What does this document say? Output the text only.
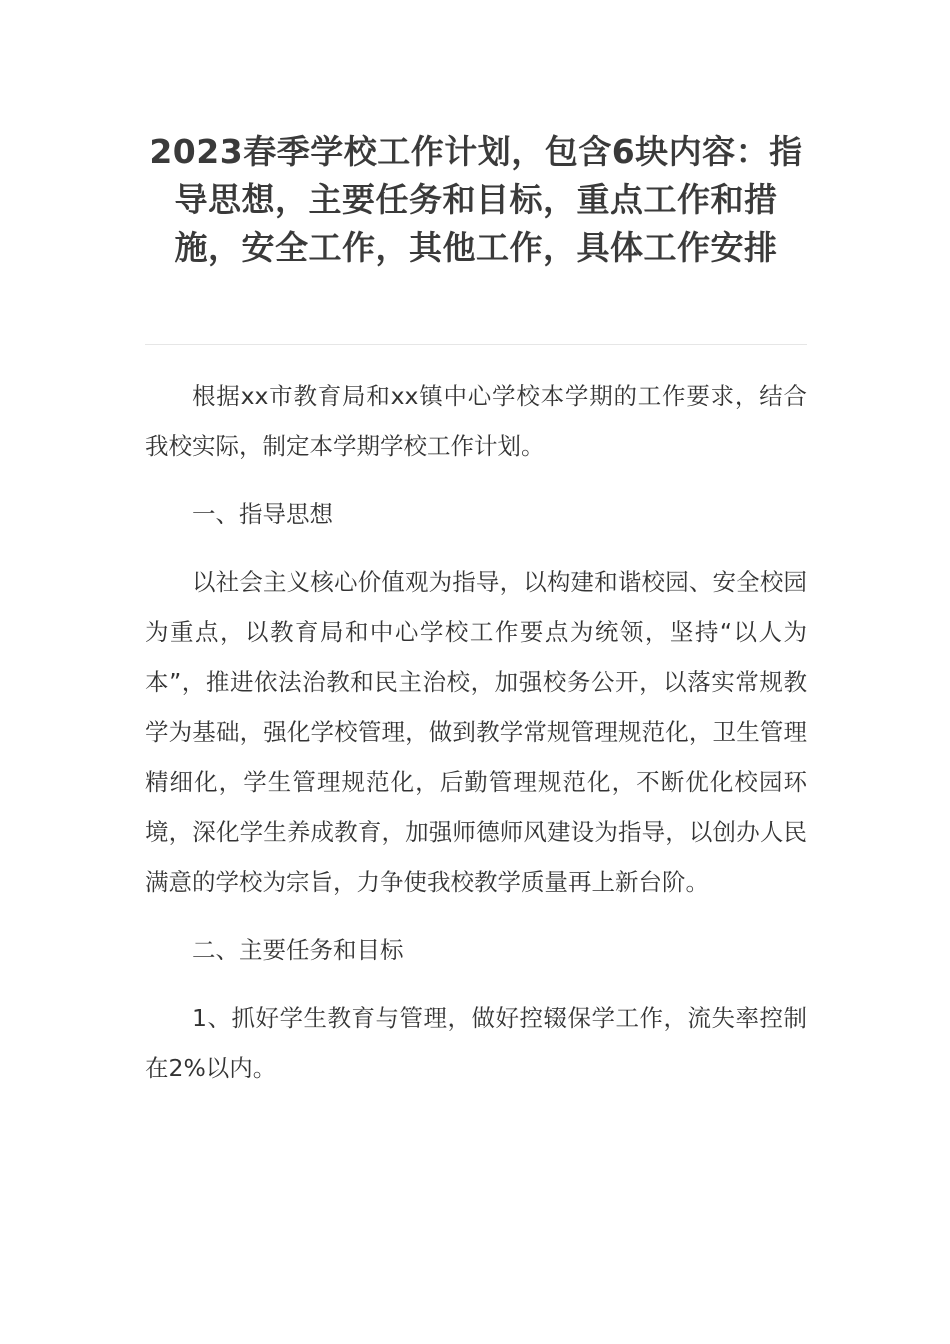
2023春季学校工作计划，包含6块内容：指导思想，主要任务和目标，重点工作和措施，安全工作，其他工作，具体工作安排

根据xx市教育局和xx镇中心学校本学期的工作要求，结合我校实际，制定本学期学校工作计划。

一、指导思想

以社会主义核心价值观为指导，以构建和谐校园、安全校园为重点，以教育局和中心学校工作要点为统领，坚持“以人为本”，推进依法治教和民主治校，加强校务公开，以落实常规教学为基础，强化学校管理，做到教学常规管理规范化，卫生管理精细化，学生管理规范化，后勤管理规范化，不断优化校园环境，深化学生养成教育，加强师德师风建设为指导，以创办人民满意的学校为宗旨，力争使我校教学质量再上新台阶。

二、主要任务和目标

1、抓好学生教育与管理，做好控辍保学工作，流失率控制在2%以内。
